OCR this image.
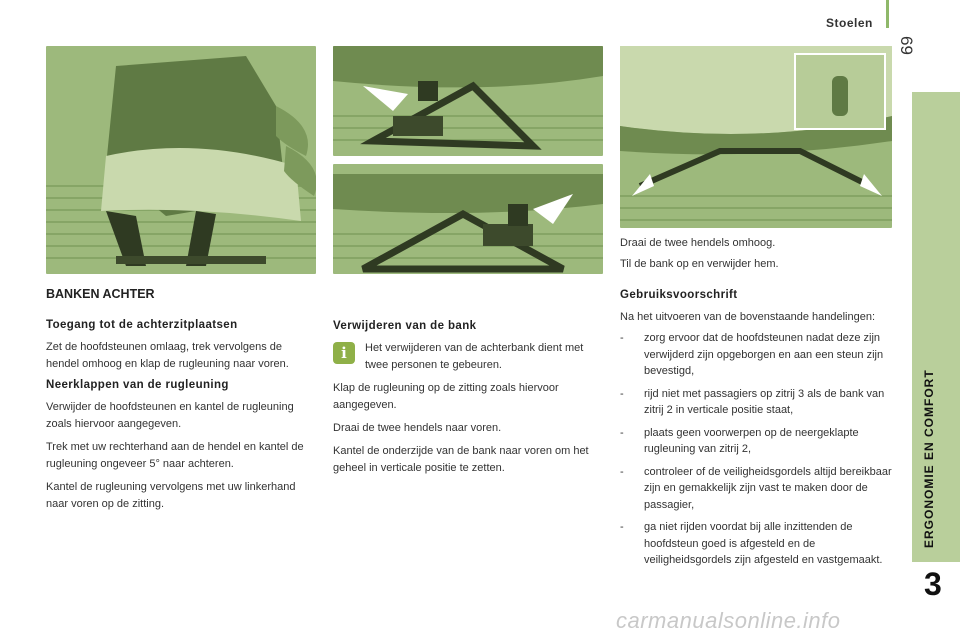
Stoelen
69
ERGONOMIE EN COMFORT
3
BANKEN ACHTER
Toegang tot de achterzitplaatsen

Zet de hoofdsteunen omlaag, trek vervolgens de hendel omhoog en klap de rugleuning naar voren.

Neerklappen van de rugleuning

Verwijder de hoofdsteunen en kantel de rugleuning zoals hiervoor aangegeven.

Trek met uw rechterhand aan de hendel en kantel de rugleuning ongeveer 5° naar achteren.

Kantel de rugleuning vervolgens met uw linkerhand naar voren op de zitting.

Verwijderen van de bank
i	Het verwijderen van de achterbank dient met twee personen te gebeuren.

Klap de rugleuning op de zitting zoals hiervoor aangegeven.

Draai de twee hendels naar voren.

Kantel de onderzijde van de bank naar voren om het geheel in verticale positie te zetten.

Draai de twee hendels omhoog.

Til de bank op en verwijder hem.

Gebruiksvoorschrift

Na het uitvoeren van de bovenstaande handelingen:

- zorg ervoor dat de hoofdsteunen nadat deze zijn verwijderd zijn opgeborgen en aan een steun zijn bevestigd,
- rijd niet met passagiers op zitrij 3 als de bank van zitrij 2 in verticale positie staat,
- plaats geen voorwerpen op de neergeklapte rugleuning van zitrij 2,
- controleer of de veiligheidsgordels altijd bereikbaar zijn en gemakkelijk zijn vast te maken door de passagier,
- ga niet rijden voordat bij alle inzittenden de hoofdsteun goed is afgesteld en de veiligheidsgordels zijn afgesteld en vastgemaakt.
carmanualsonline.info
